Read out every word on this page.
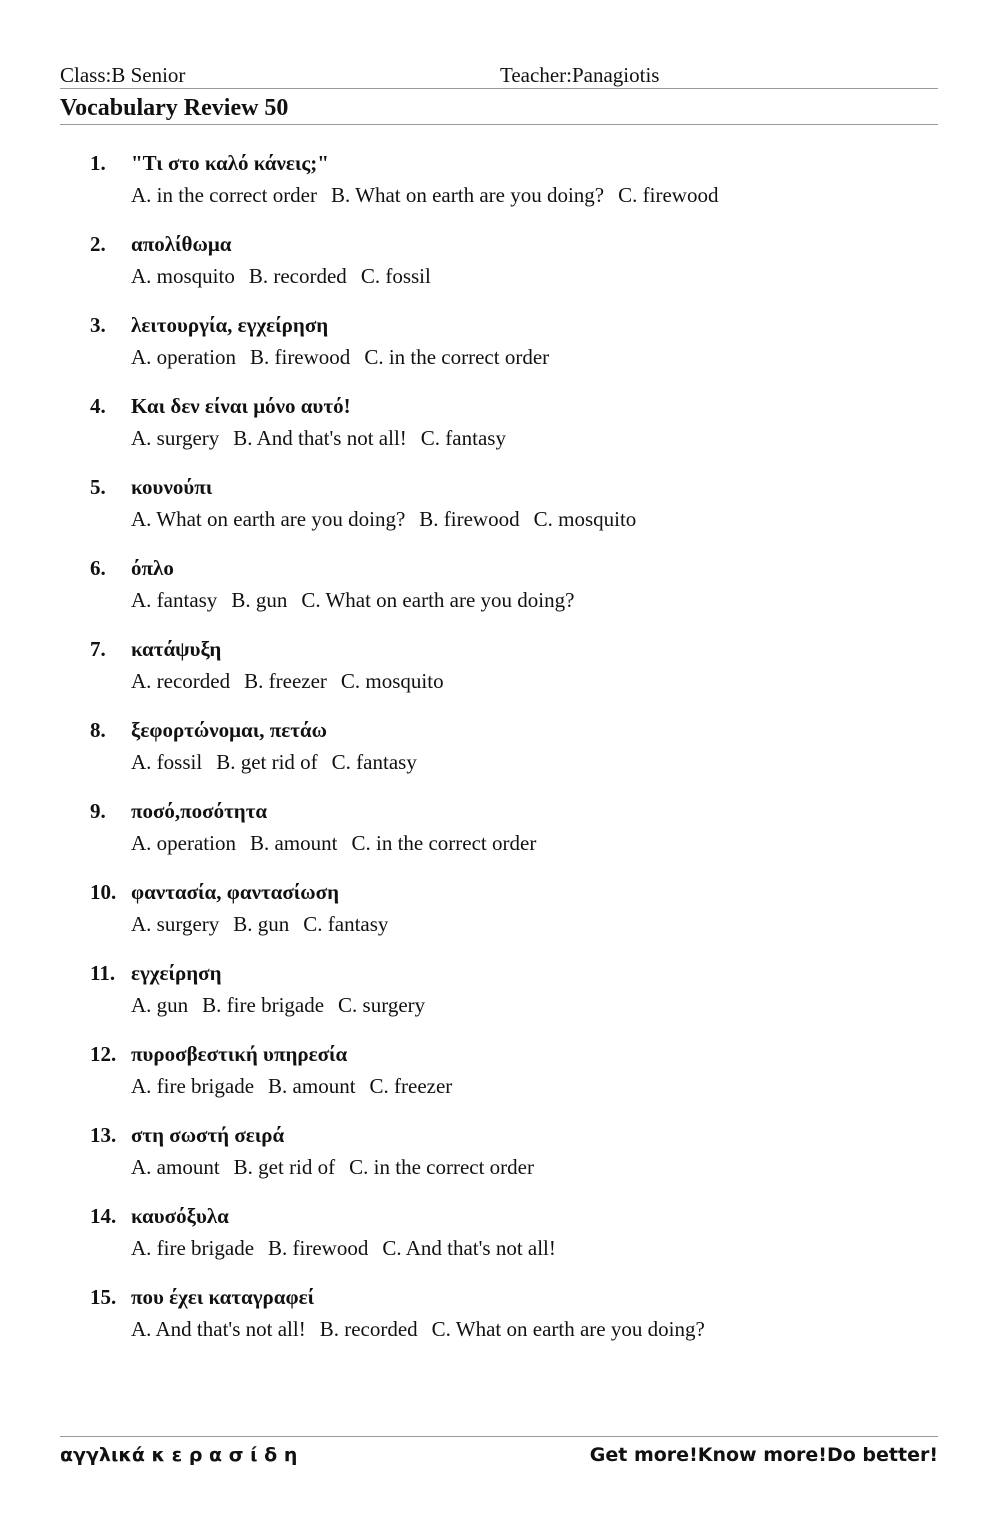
Class:B Senior	Teacher:Panagiotis
Vocabulary Review 50
1. "Τι στο καλό κάνεις;"
A. in the correct order B. What on earth are you doing? C. firewood
2. απολίθωμα
A. mosquito B. recorded C. fossil
3. λειτουργία, εγχείρηση
A. operation B. firewood C. in the correct order
4. Και δεν είναι μόνο αυτό!
A. surgery B. And that's not all! C. fantasy
5. κουνούπι
A. What on earth are you doing? B. firewood C. mosquito
6. όπλο
A. fantasy B. gun C. What on earth are you doing?
7. κατάψυξη
A. recorded B. freezer C. mosquito
8. ξεφορτώνομαι, πετάω
A. fossil B. get rid of C. fantasy
9. ποσό,ποσότητα
A. operation B. amount C. in the correct order
10. φαντασία, φαντασίωση
A. surgery B. gun C. fantasy
11. εγχείρηση
A. gun B. fire brigade C. surgery
12. πυροσβεστική υπηρεσία
A. fire brigade B. amount C. freezer
13. στη σωστή σειρά
A. amount B. get rid of C. in the correct order
14. καυσόξυλα
A. fire brigade B. firewood C. And that's not all!
15. που έχει καταγραφεί
A. And that's not all! B. recorded C. What on earth are you doing?
αγγλικά κ ε ρ α σ ί δ η	Get more!Know more!Do better!
